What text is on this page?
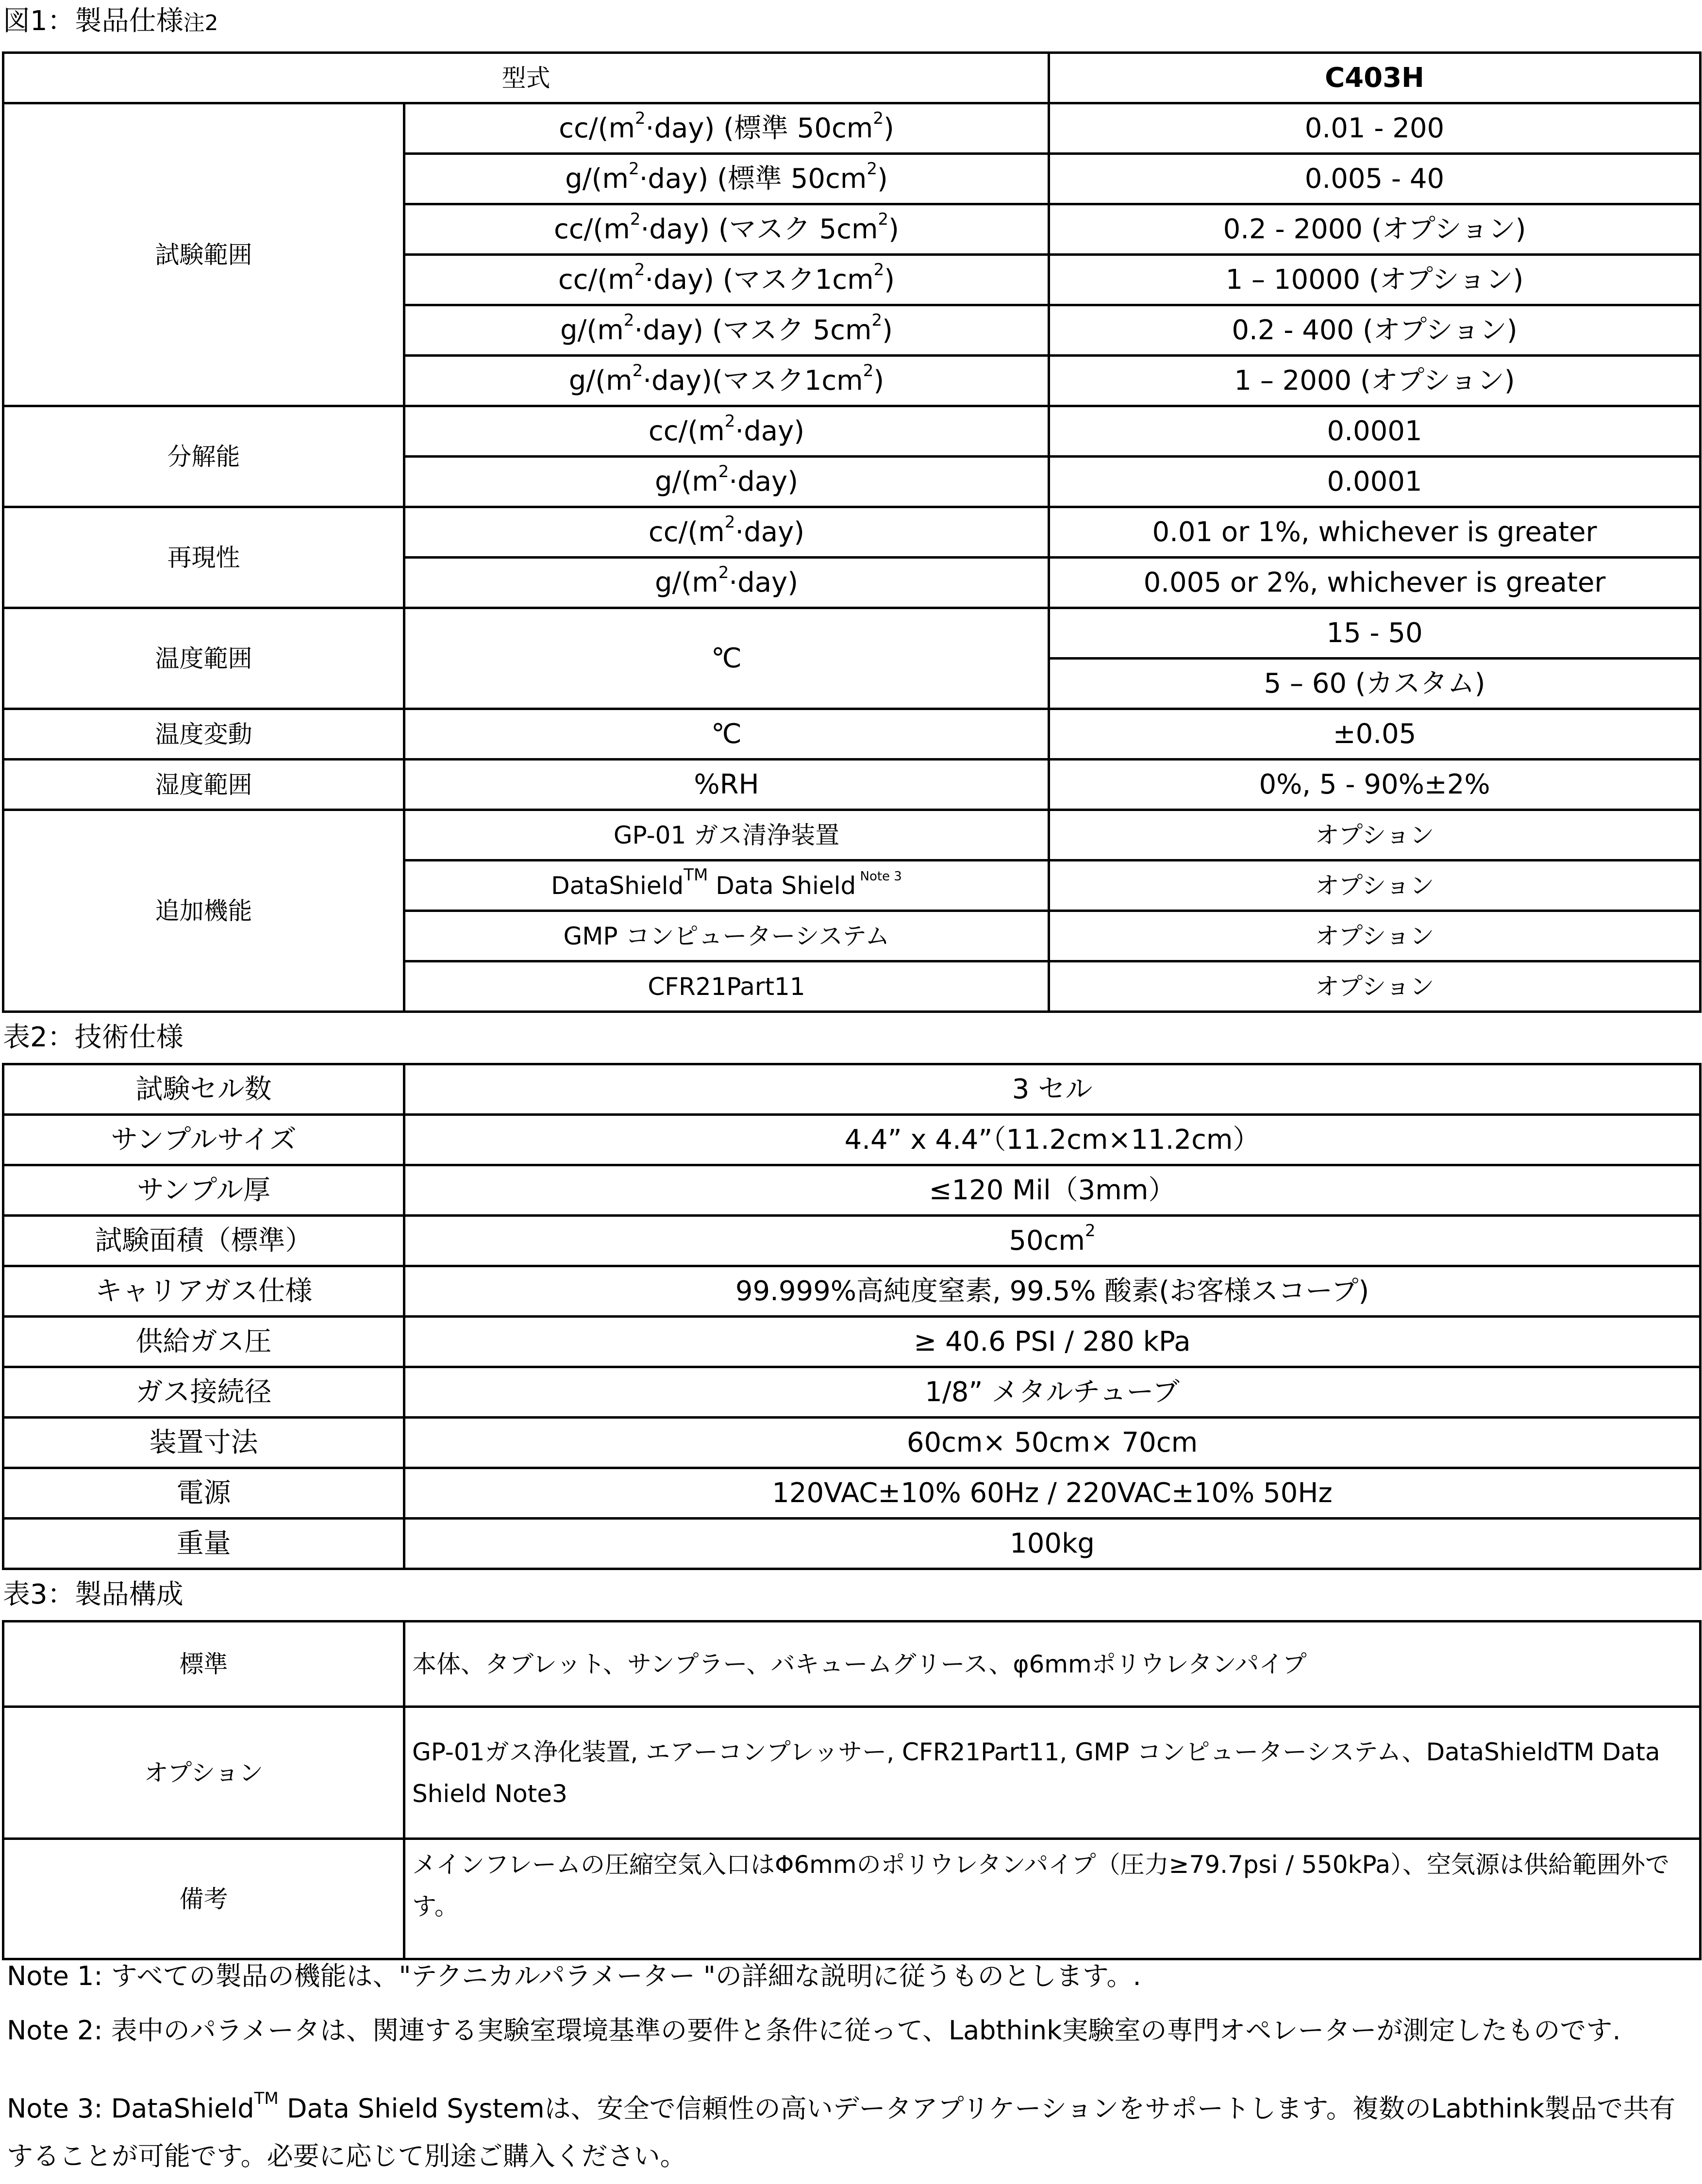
図1：製品仕様注2
型式		C403H
試験範囲	$cc/(m^2\cdot day)$ (標準 $50cm^2$)	0.01 - 200
	$g/(m^2\cdot day)$ (標準 $50cm^2$)	0.005 - 40
	$cc/(m^2\cdot day)$ (マスク $5cm^2$)	0.2 - 2000 (オプション)
	$cc/(m^2\cdot day)$ (マスク$1cm^2$)	1 – 10000 (オプション)
	$g/(m^2\cdot day)$ (マスク $5cm^2$)	0.2 - 400 (オプション)
	$g/(m^2\cdot day)$(マスク$1cm^2$)	1 – 2000 (オプション)
分解能	$cc/(m^2\cdot day)$	0.0001
	$g/(m^2\cdot day)$	0.0001
再現性	$cc/(m^2\cdot day)$	0.01 or 1%, whichever is greater
	$g/(m^2\cdot day)$	0.005 or 2%, whichever is greater
温度範囲	℃	15 - 50
		5 – 60 (カスタム)
温度変動	℃	±0.05
湿度範囲	%RH	0%, 5 - 90%±2%
追加機能	GP-01 ガス清浄装置	オプション
	DataShield™ Data Shield $^{Note 3}$	オプション
	GMP コンピューターシステム	オプション
	CFR21Part11	オプション
表2：技術仕様
試験セル数	3 セル
サンプルサイズ	4.4” x 4.4”（11.2cm×11.2cm）
サンプル厚	≤120 Mil（3mm）
試験面積（標準）	$50cm^2$
キャリアガス仕様	99.999%高純度窒素, 99.5% 酸素(お客様スコープ)
供給ガス圧	≥ 40.6 PSI / 280 kPa
ガス接続径	1/8” メタルチューブ
装置寸法	60cm× 50cm× 70cm
電源	120VAC±10% 60Hz / 220VAC±10% 50Hz
重量	100kg
表3：製品構成
標準	本体、タブレット、サンプラー、バキュームグリース、φ6mmポリウレタンパイプ
オプション	GP-01ガス浄化装置, エアーコンプレッサー, CFR21Part11, GMP コンピューターシステム、DataShieldTM Data Shield Note3
備考	メインフレームの圧縮空気入口はΦ6mmのポリウレタンパイプ（圧力≥79.7psi / 550kPa）、空気源は供給範囲外です。
Note 1: すべての製品の機能は、"テクニカルパラメーター "の詳細な説明に従うものとします。.
Note 2: 表中のパラメータは、関連する実験室環境基準の要件と条件に従って、Labthink実験室の専門オペレーターが測定したものです.
Note 3: DataShield™ Data Shield Systemは、安全で信頼性の高いデータアプリケーションをサポートします。複数のLabthink製品で共有することが可能です。必要に応じて別途ご購入ください。
